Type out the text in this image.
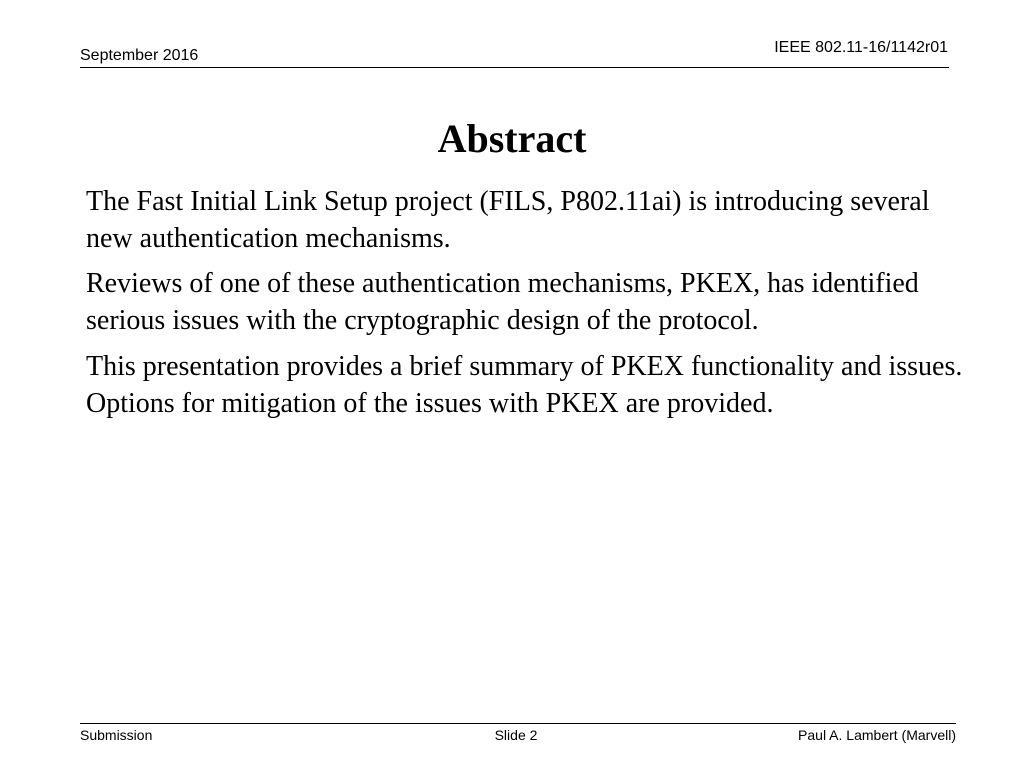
September 2016	IEEE 802.11-16/1142r01
Abstract

The Fast Initial Link Setup project (FILS, P802.11ai) is introducing several new authentication mechanisms.

Reviews of one of these authentication mechanisms, PKEX, has identified serious issues with the cryptographic design of the protocol.

This presentation provides a brief summary of PKEX functionality and issues. Options for mitigation of the issues with PKEX are provided.

Submission	Slide 2	Paul A. Lambert (Marvell)
